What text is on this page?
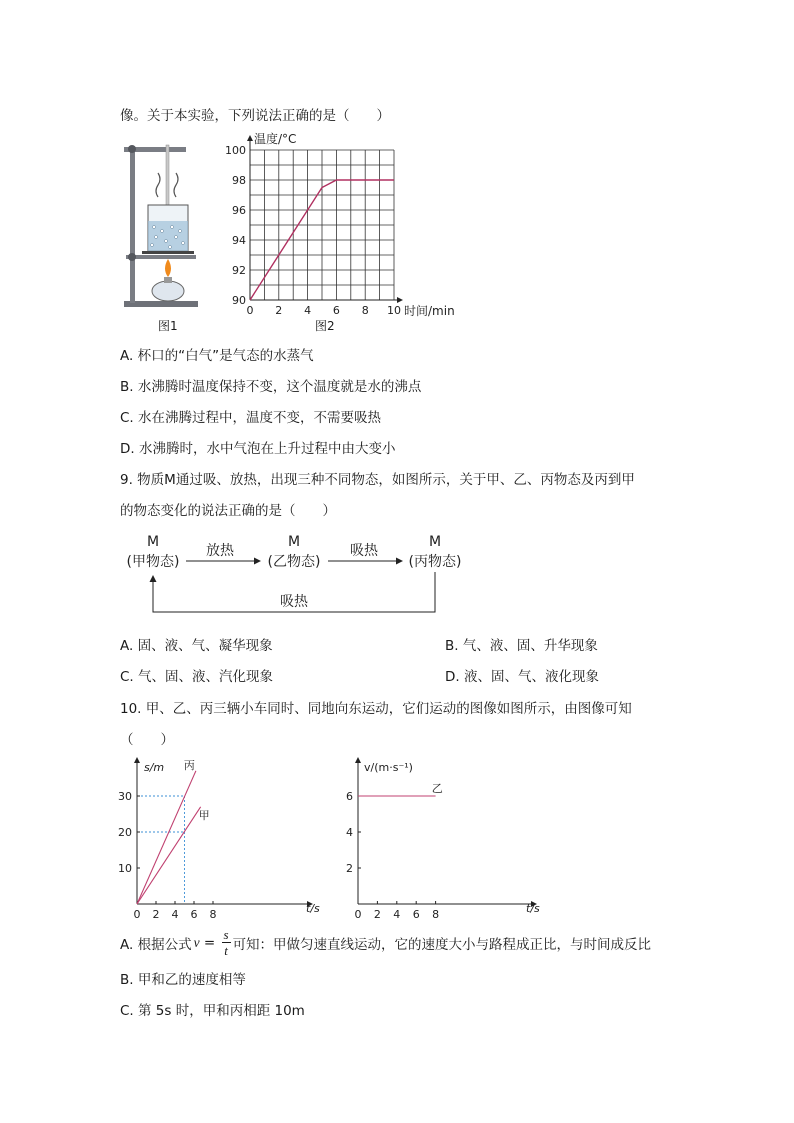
像。关于本实验，下列说法正确的是（　　）
图1
90
92
94
96
98
100
0 2 4 6 8 10
温度/°C
时间/min
图2
A. 杯口的“白气”是气态的水蒸气
B. 水沸腾时温度保持不变，这个温度就是水的沸点
C. 水在沸腾过程中，温度不变，不需要吸热
D. 水沸腾时，水中气泡在上升过程中由大变小
9. 物质M通过吸、放热，出现三种不同物态，如图所示，关于甲、乙、丙物态及丙到甲
的物态变化的说法正确的是（　　）
M
(甲物态)
M
(乙物态)
M
(丙物态)
放热	吸热
吸热
A. 固、液、气、凝华现象	B. 气、液、固、升华现象
C. 气、固、液、汽化现象	D. 液、固、气、液化现象
10. 甲、乙、丙三辆小车同时、同地向东运动，它们运动的图像如图所示，由图像可知
（　　）
10
20
30
0 2 4 6 8
s/m
t/s
丙
甲
2
4
6
0 2 4 6 8
v/(m·s⁻¹)
t/s
乙
A. 根据公式 $v = \frac{s}{t}$ 可知：甲做匀速直线运动，它的速度大小与路程成正比，与时间成反比
B. 甲和乙的速度相等
C. 第 5s 时，甲和丙相距 10m
